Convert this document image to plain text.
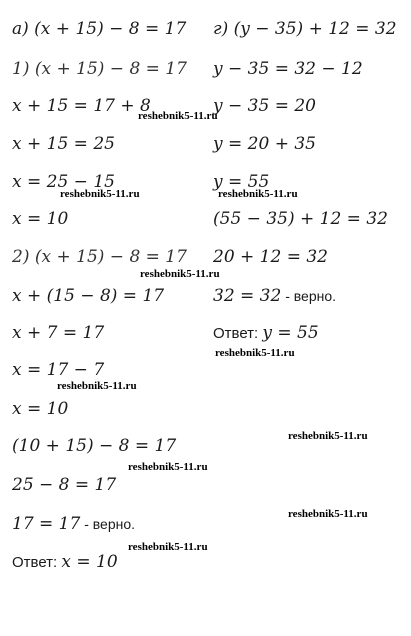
а) (x + 15) − 8 = 17
1) (x + 15) − 8 = 17
x + 15 = 17 + 8
x + 15 = 25
x = 25 − 15
x = 10
2) (x + 15) − 8 = 17
x + (15 − 8) = 17
x + 7 = 17
x = 17 − 7
x = 10
(10 + 15) − 8 = 17
25 − 8 = 17
17 = 17 - верно.
Ответ: x = 10
г) (y − 35) + 12 = 32
y − 35 = 32 − 12
y − 35 = 20
y = 20 + 35
y = 55
(55 − 35) + 12 = 32
20 + 12 = 32
32 = 32 - верно.
Ответ: y = 55
reshebnik5-11.ru
reshebnik5-11.ru	reshebnik5-11.ru
reshebnik5-11.ru
reshebnik5-11.ru
reshebnik5-11.ru
reshebnik5-11.ru
reshebnik5-11.ru
reshebnik5-11.ru
reshebnik5-11.ru
